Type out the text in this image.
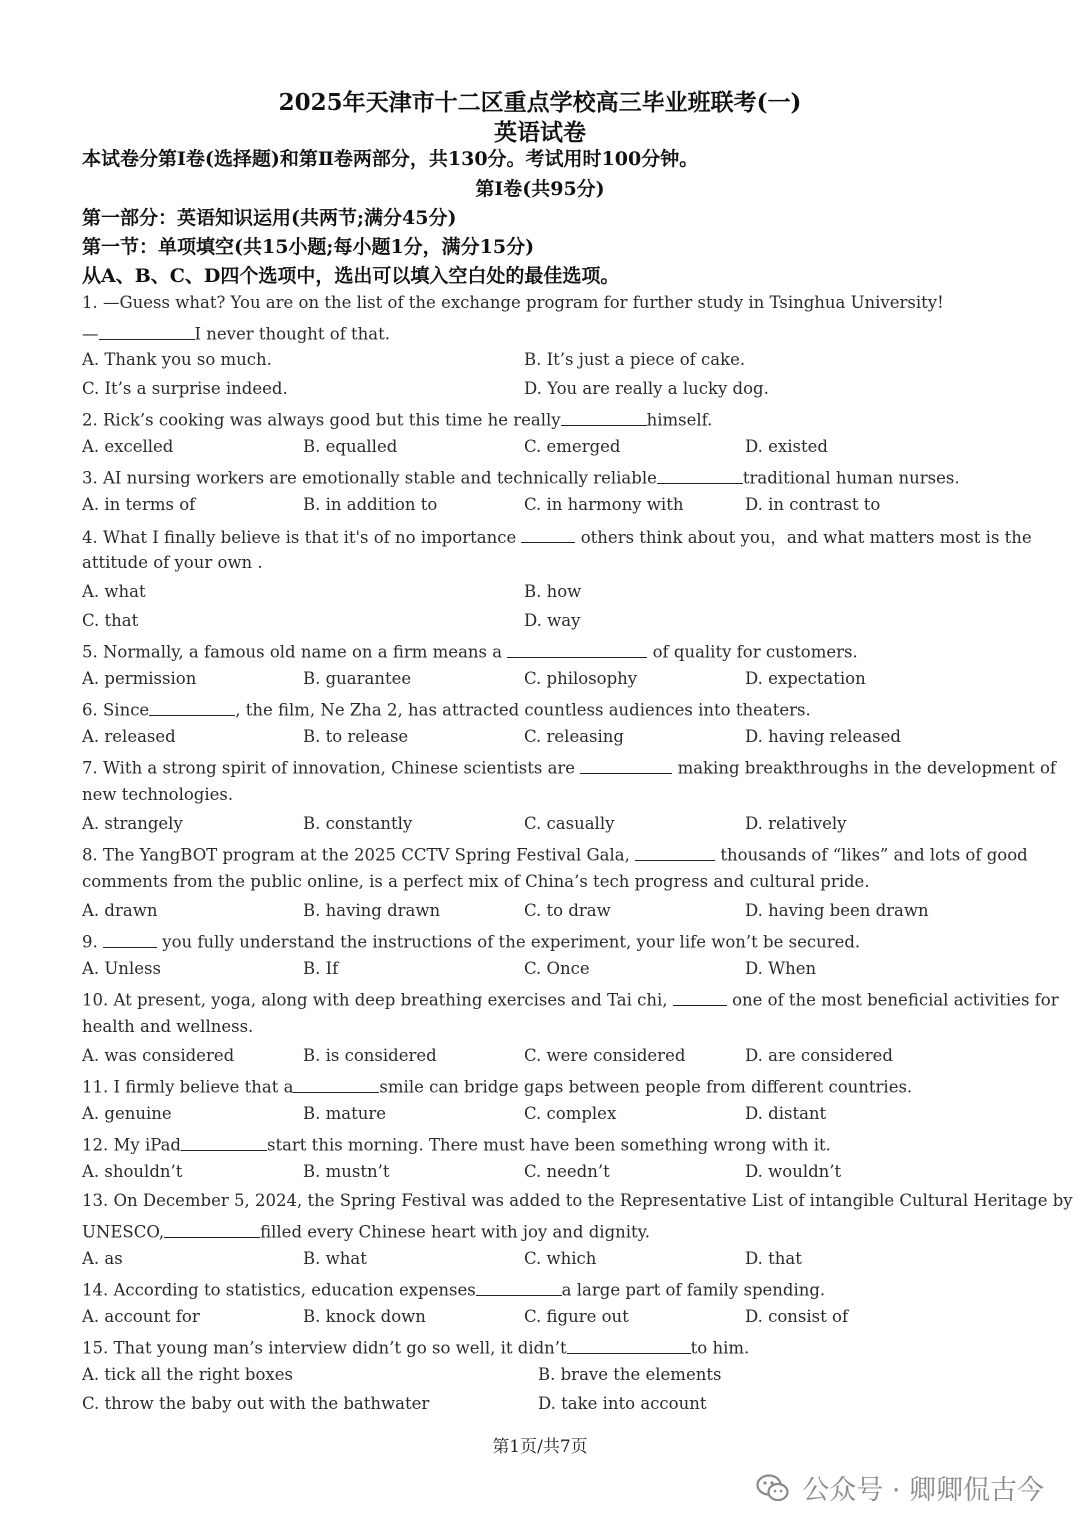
2025年天津市十二区重点学校高三毕业班联考(一)
英语试卷
本试卷分第Ⅰ卷(选择题)和第Ⅱ卷两部分，共130分。考试用时100分钟。
第Ⅰ卷(共95分)
第一部分：英语知识运用(共两节;满分45分)
第一节：单项填空(共15小题;每小题1分，满分15分)
从A、B、C、D四个选项中，选出可以填入空白处的最佳选项。
1. —Guess what? You are on the list of the exchange program for further study in Tsinghua University!
—	I never thought of that.
A. Thank you so much.	B. It’s just a piece of cake.
C. It’s a surprise indeed.	D. You are really a lucky dog.
2. Rick’s cooking was always good but this time he really	himself.
A. excelled	B. equalled	C. emerged	D. existed
3. AI nursing workers are emotionally stable and technically reliable	traditional human nurses.
A. in terms of	B. in addition to	C. in harmony with	D. in contrast to
4. What I finally believe is that it's of no importance	others think about you，and what matters most is the
attitude of your own .
A. what	B. how
C. that	D. way
5. Normally, a famous old name on a firm means a	of quality for customers.
A. permission	B. guarantee	C. philosophy	D. expectation
6. Since	, the film, Ne Zha 2, has attracted countless audiences into theaters.
A. released	B. to release	C. releasing	D. having released
7. With a strong spirit of innovation, Chinese scientists are	making breakthroughs in the development of
new technologies.
A. strangely	B. constantly	C. casually	D. relatively
8. The YangBOT program at the 2025 CCTV Spring Festival Gala,	thousands of “likes” and lots of good
comments from the public online, is a perfect mix of China’s tech progress and cultural pride.
A. drawn	B. having drawn	C. to draw	D. having been drawn
9.	you fully understand the instructions of the experiment, your life won’t be secured.
A. Unless	B. If	C. Once	D. When
10. At present, yoga, along with deep breathing exercises and Tai chi,	one of the most beneficial activities for
health and wellness.
A. was considered	B. is considered	C. were considered	D. are considered
11. I firmly believe that a	smile can bridge gaps between people from different countries.
A. genuine	B. mature	C. complex	D. distant
12. My iPad	start this morning. There must have been something wrong with it.
A. shouldn’t	B. mustn’t	C. needn’t	D. wouldn’t
13. On December 5, 2024, the Spring Festival was added to the Representative List of intangible Cultural Heritage by
UNESCO,	filled every Chinese heart with joy and dignity.
A. as	B. what	C. which	D. that
14. According to statistics, education expenses	a large part of family spending.
A. account for	B. knock down	C. figure out	D. consist of
15. That young man’s interview didn’t go so well, it didn’t	to him.
A. tick all the right boxes	B. brave the elements
C. throw the baby out with the bathwater	D. take into account
第1页/共7页
公众号 · 卿卿侃古今
